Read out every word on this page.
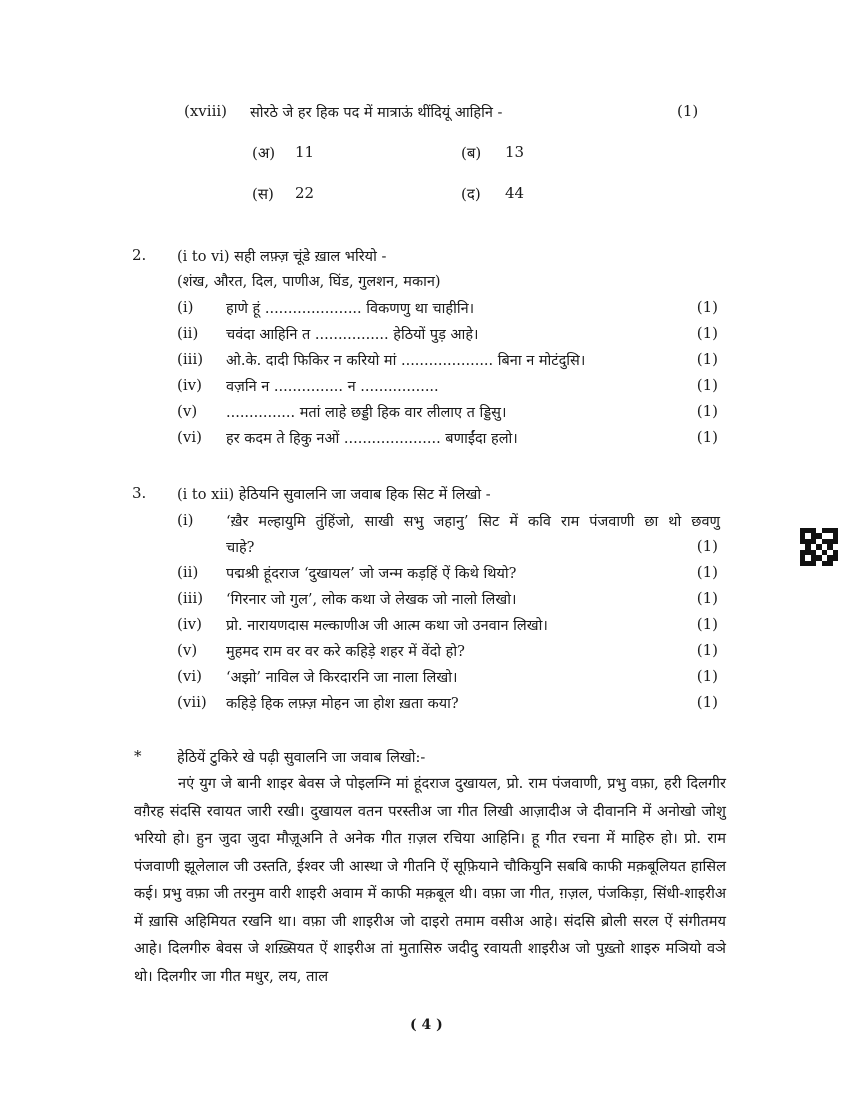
(xviii) सोरठे जे हर हिक पद में मात्राऊं थींदियूं आहिनि -	(1)
(अ) 11	(ब) 13
(स) 22	(द) 44
2. (i to vi) सही लफ़्ज़ चूंडे ख़ाल भरियो -
(शंख, औरत, दिल, पाणीअ, घिंड, गुलशन, मकान)
(i) हाणे हूं ..................... विकणणु था चाहीनि।	(1)
(ii) चवंदा आहिनि त ................ हेठियों पुड़ आहे।	(1)
(iii) ओ.के. दादी फिकिर न करियो मां .................... बिना न मोटंदुसि।	(1)
(iv) वज़नि न ............... न .................	(1)
(v) ............... मतां लाहे छड्डी हिक वार लीलाए त ड्डिसु।	(1)
(vi) हर कदम ते हिकु नओं ..................... बणाईंदा हलो।	(1)
3. (i to xii) हेठियनि सुवालनि जा जवाब हिक सिट में लिखो -
(i) ‘ख़ैर मल्हायुमि तुंहिंजो, साखी सभु जहानु’ सिट में कवि राम पंजवाणी छा थो छवणु
चाहे?	(1)
(ii) पद्मश्री हूंदराज ‘दुखायल’ जो जन्म कड़हिं ऐं किथे थियो?	(1)
(iii) ‘गिरनार जो गुल’, लोक कथा जे लेखक जो नालो लिखो।	(1)
(iv) प्रो. नारायणदास मल्काणीअ जी आत्म कथा जो उनवान लिखो।	(1)
(v) मुहमद राम वर वर करे कहिड़े शहर में वेंदो हो?	(1)
(vi) ‘अझो’ नाविल जे किरदारनि जा नाला लिखो।	(1)
(vii) कहिड़े हिक लफ़्ज़ मोहन जा होश ख़ता कया?	(1)
* हेठियें टुकिरे खे पढ़ी सुवालनि जा जवाब लिखो:-

नएं युग जे बानी शाइर बेवस जे पोइलग्नि मां हूंदराज दुखायल, प्रो. राम पंजवाणी, प्रभु वफ़ा, हरी दिलगीर वग़ैरह संदसि रवायत जारी रखी। दुखायल वतन परस्तीअ जा गीत लिखी आज़ादीअ जे दीवाननि में अनोखो जोशु भरियो हो। हुन जुदा जुदा मौज़ूअनि ते अनेक गीत ग़ज़ल रचिया आहिनि। हू गीत रचना में माहिरु हो। प्रो. राम पंजवाणी झूलेलाल जी उस्तति, ईश्वर जी आस्था जे गीतनि ऐं सूफ़ियाने चौकियुनि सबबि काफी मक़बूलियत हासिल कई। प्रभु वफ़ा जी तरनुम वारी शाइरी अवाम में काफी मक़बूल थी। वफ़ा जा गीत, ग़ज़ल, पंजकिड़ा, सिंधी-शाइरीअ में ख़ासि अहिमियत रखनि था। वफ़ा जी शाइरीअ जो दाइरो तमाम वसीअ आहे। संदसि ब्रोली सरल ऐं संगीतमय आहे। दिलगीरु बेवस जे शख़्सियत ऐं शाइरीअ तां मुतासिरु जदीदु रवायती शाइरीअ जो पुख़्तो शाइरु मञियो वञे थो। दिलगीर जा गीत मधुर, लय, ताल

( 4 )
